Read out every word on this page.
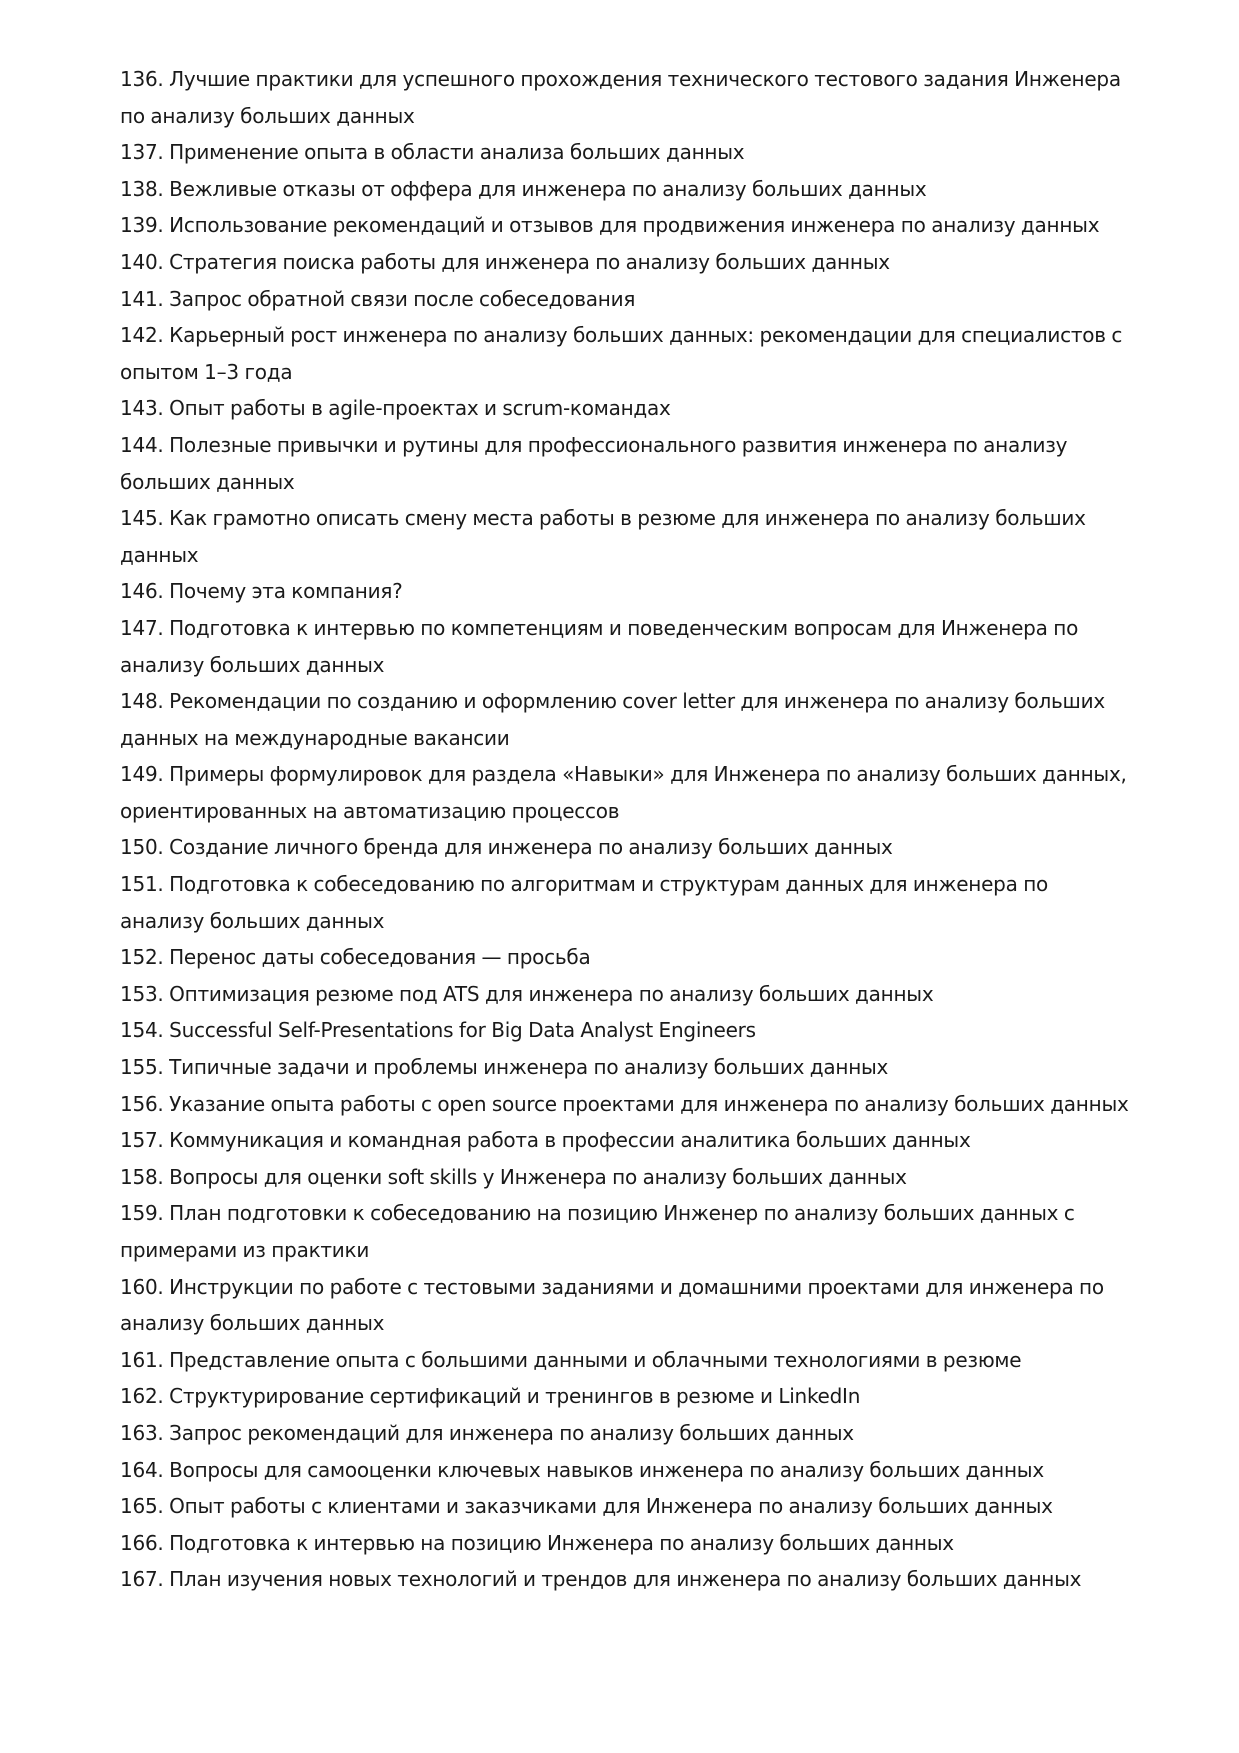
136. Лучшие практики для успешного прохождения технического тестового задания Инженера по анализу больших данных
137. Применение опыта в области анализа больших данных
138. Вежливые отказы от оффера для инженера по анализу больших данных
139. Использование рекомендаций и отзывов для продвижения инженера по анализу данных
140. Стратегия поиска работы для инженера по анализу больших данных
141. Запрос обратной связи после собеседования
142. Карьерный рост инженера по анализу больших данных: рекомендации для специалистов с опытом 1–3 года
143. Опыт работы в agile-проектах и scrum-командах
144. Полезные привычки и рутины для профессионального развития инженера по анализу больших данных
145. Как грамотно описать смену места работы в резюме для инженера по анализу больших данных
146. Почему эта компания?
147. Подготовка к интервью по компетенциям и поведенческим вопросам для Инженера по анализу больших данных
148. Рекомендации по созданию и оформлению cover letter для инженера по анализу больших данных на международные вакансии
149. Примеры формулировок для раздела «Навыки» для Инженера по анализу больших данных, ориентированных на автоматизацию процессов
150. Создание личного бренда для инженера по анализу больших данных
151. Подготовка к собеседованию по алгоритмам и структурам данных для инженера по анализу больших данных
152. Перенос даты собеседования — просьба
153. Оптимизация резюме под ATS для инженера по анализу больших данных
154. Successful Self-Presentations for Big Data Analyst Engineers
155. Типичные задачи и проблемы инженера по анализу больших данных
156. Указание опыта работы с open source проектами для инженера по анализу больших данных
157. Коммуникация и командная работа в профессии аналитика больших данных
158. Вопросы для оценки soft skills у Инженера по анализу больших данных
159. План подготовки к собеседованию на позицию Инженер по анализу больших данных с примерами из практики
160. Инструкции по работе с тестовыми заданиями и домашними проектами для инженера по анализу больших данных
161. Представление опыта с большими данными и облачными технологиями в резюме
162. Структурирование сертификаций и тренингов в резюме и LinkedIn
163. Запрос рекомендаций для инженера по анализу больших данных
164. Вопросы для самооценки ключевых навыков инженера по анализу больших данных
165. Опыт работы с клиентами и заказчиками для Инженера по анализу больших данных
166. Подготовка к интервью на позицию Инженера по анализу больших данных
167. План изучения новых технологий и трендов для инженера по анализу больших данных
